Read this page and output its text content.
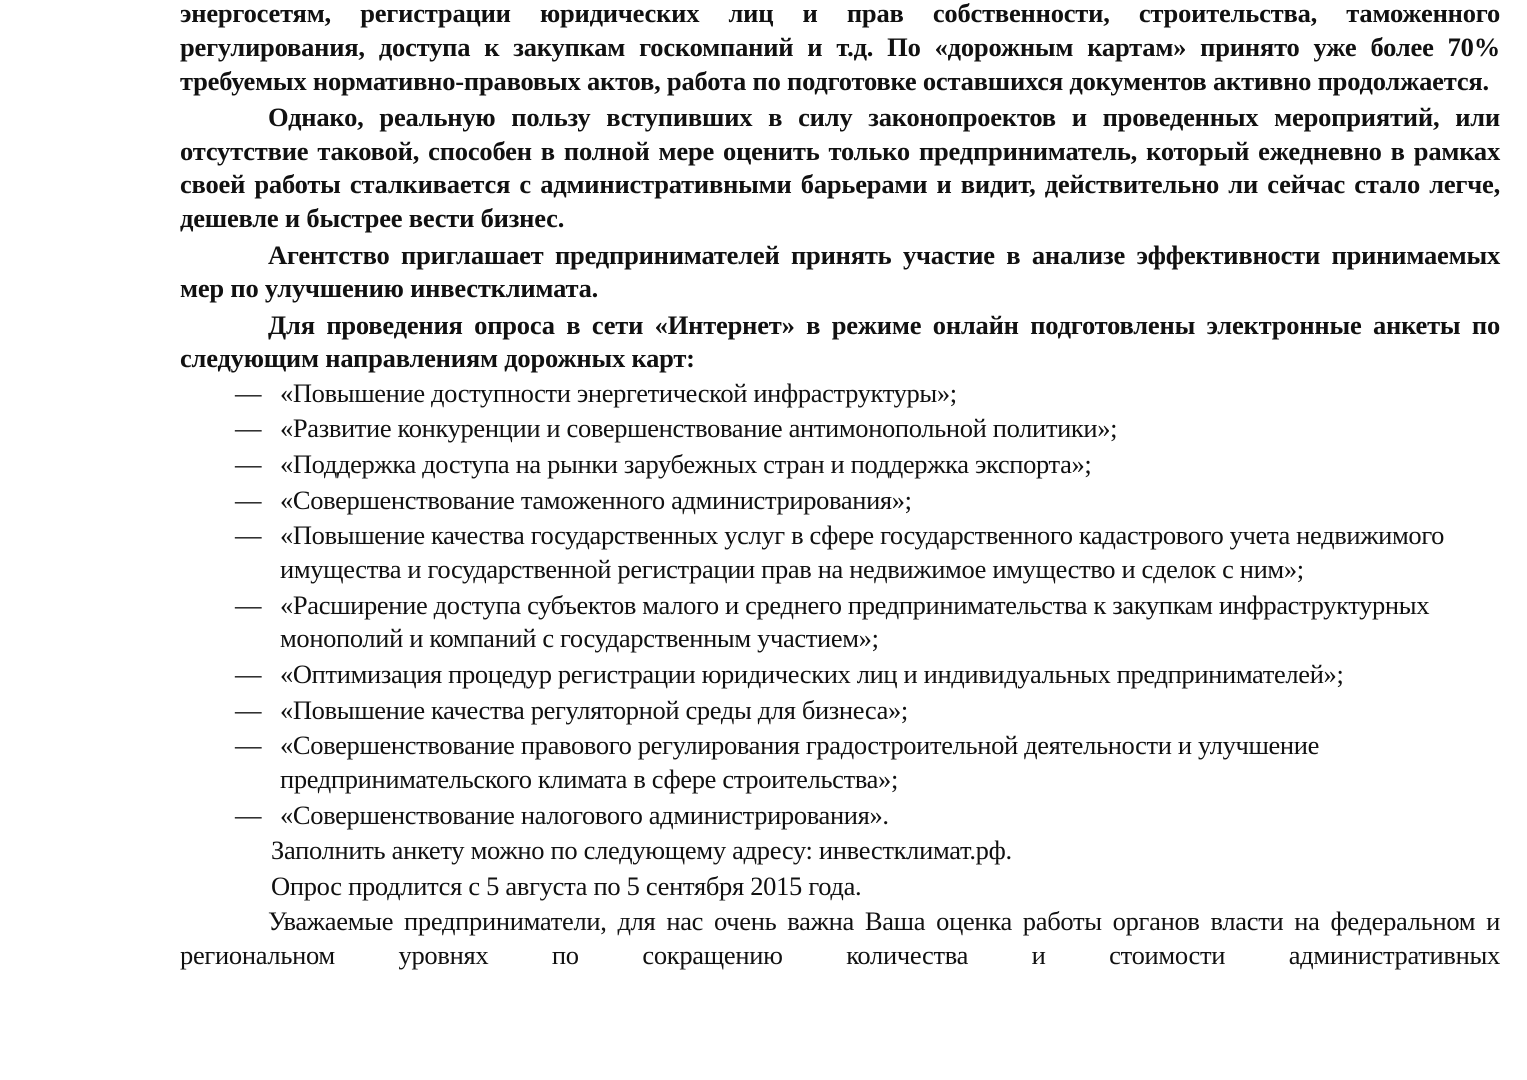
энергосетям, регистрации юридических лиц и прав собственности, строительства, таможенного регулирования, доступа к закупкам госкомпаний и т.д. По «дорожным картам» принято уже более 70% требуемых нормативно-правовых актов, работа по подготовке оставшихся документов активно продолжается.

Однако, реальную пользу вступивших в силу законопроектов и проведенных мероприятий, или отсутствие таковой, способен в полной мере оценить только предприниматель, который ежедневно в рамках своей работы сталкивается с административными барьерами и видит, действительно ли сейчас стало легче, дешевле и быстрее вести бизнес.

Агентство приглашает предпринимателей принять участие в анализе эффективности принимаемых мер по улучшению инвестклимата.

Для проведения опроса в сети «Интернет» в режиме онлайн подготовлены электронные анкеты по следующим направлениям дорожных карт:

— «Повышение доступности энергетической инфраструктуры»;
— «Развитие конкуренции и совершенствование антимонопольной политики»;
— «Поддержка доступа на рынки зарубежных стран и поддержка экспорта»;
— «Совершенствование таможенного администрирования»;
— «Повышение качества государственных услуг в сфере государственного кадастрового учета недвижимого имущества и государственной регистрации прав на недвижимое имущество и сделок с ним»;
— «Расширение доступа субъектов малого и среднего предпринимательства к закупкам инфраструктурных монополий и компаний с государственным участием»;
— «Оптимизация процедур регистрации юридических лиц и индивидуальных предпринимателей»;
— «Повышение качества регуляторной среды для бизнеса»;
— «Совершенствование правового регулирования градостроительной деятельности и улучшение предпринимательского климата в сфере строительства»;
— «Совершенствование налогового администрирования».

Заполнить анкету можно по следующему адресу: инвестклимат.рф.

Опрос продлится с 5 августа по 5 сентября 2015 года.

Уважаемые предприниматели, для нас очень важна Ваша оценка работы органов власти на федеральном и региональном уровнях по сокращению количества и стоимости административных
